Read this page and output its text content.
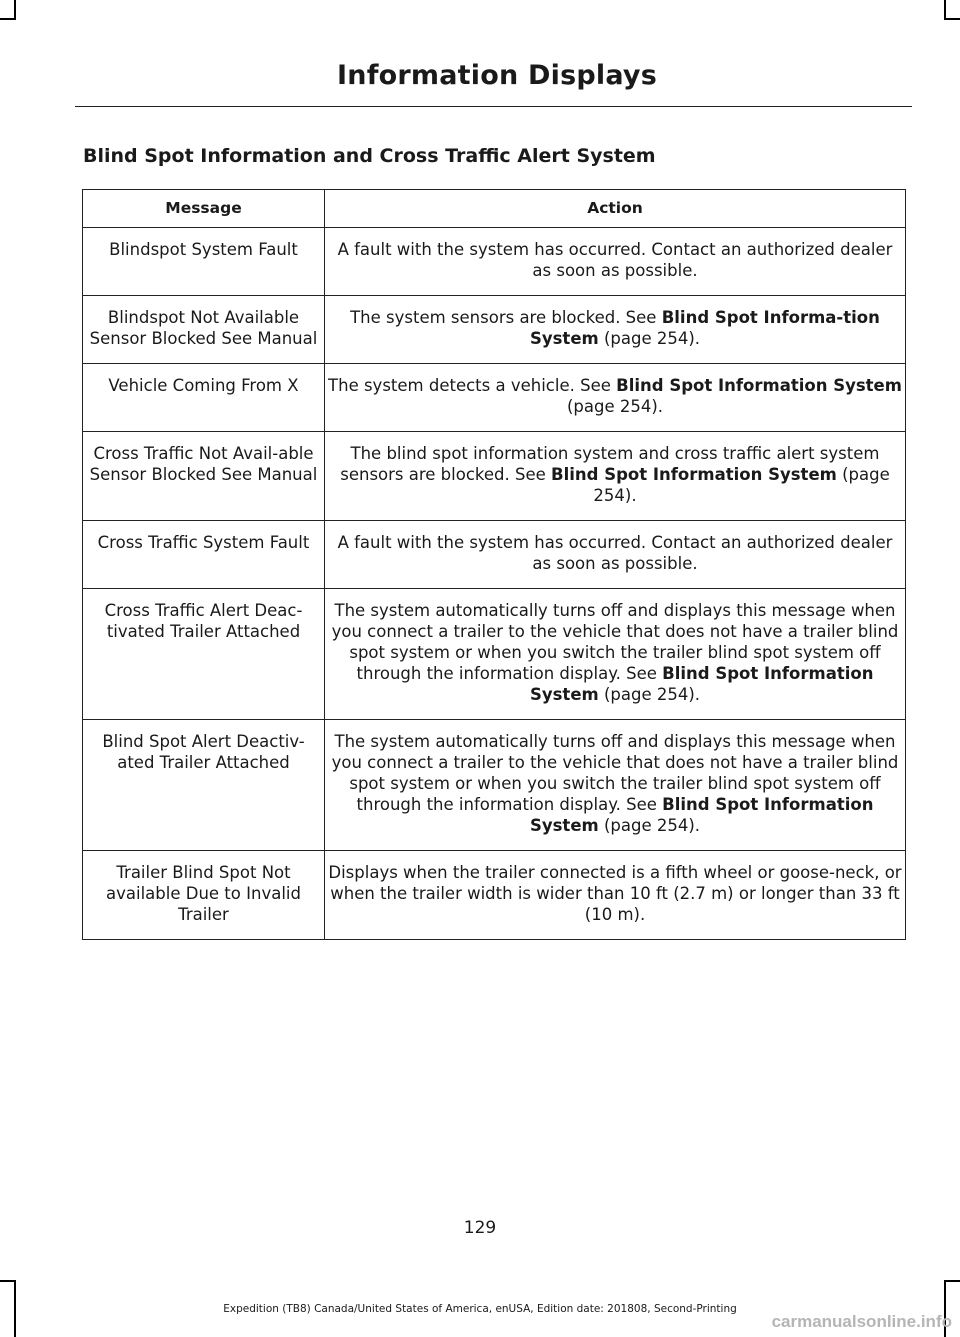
Information Displays
Blind Spot Information and Cross Traffic Alert System
Message	Action
Blindspot System Fault	A fault with the system has occurred. Contact an authorized dealer as soon as possible.
Blindspot Not Available Sensor Blocked See Manual	The system sensors are blocked. See Blind Spot Informa-tion System (page 254).
Vehicle Coming From X	The system detects a vehicle. See Blind Spot Information System (page 254).
Cross Traffic Not Avail-able Sensor Blocked See Manual	The blind spot information system and cross traffic alert system sensors are blocked. See Blind Spot Information System (page 254).
Cross Traffic System Fault	A fault with the system has occurred. Contact an authorized dealer as soon as possible.
Cross Traffic Alert Deac-tivated Trailer Attached	The system automatically turns off and displays this message when you connect a trailer to the vehicle that does not have a trailer blind spot system or when you switch the trailer blind spot system off through the information display. See Blind Spot Information System (page 254).
Blind Spot Alert Deactiv-ated Trailer Attached	The system automatically turns off and displays this message when you connect a trailer to the vehicle that does not have a trailer blind spot system or when you switch the trailer blind spot system off through the information display. See Blind Spot Information System (page 254).
Trailer Blind Spot Not available Due to Invalid Trailer	Displays when the trailer connected is a fifth wheel or goose-neck, or when the trailer width is wider than 10 ft (2.7 m) or longer than 33 ft (10 m).
129
Expedition (TB8) Canada/United States of America, enUSA, Edition date: 201808, Second-Printing
carmanualsonline.info
